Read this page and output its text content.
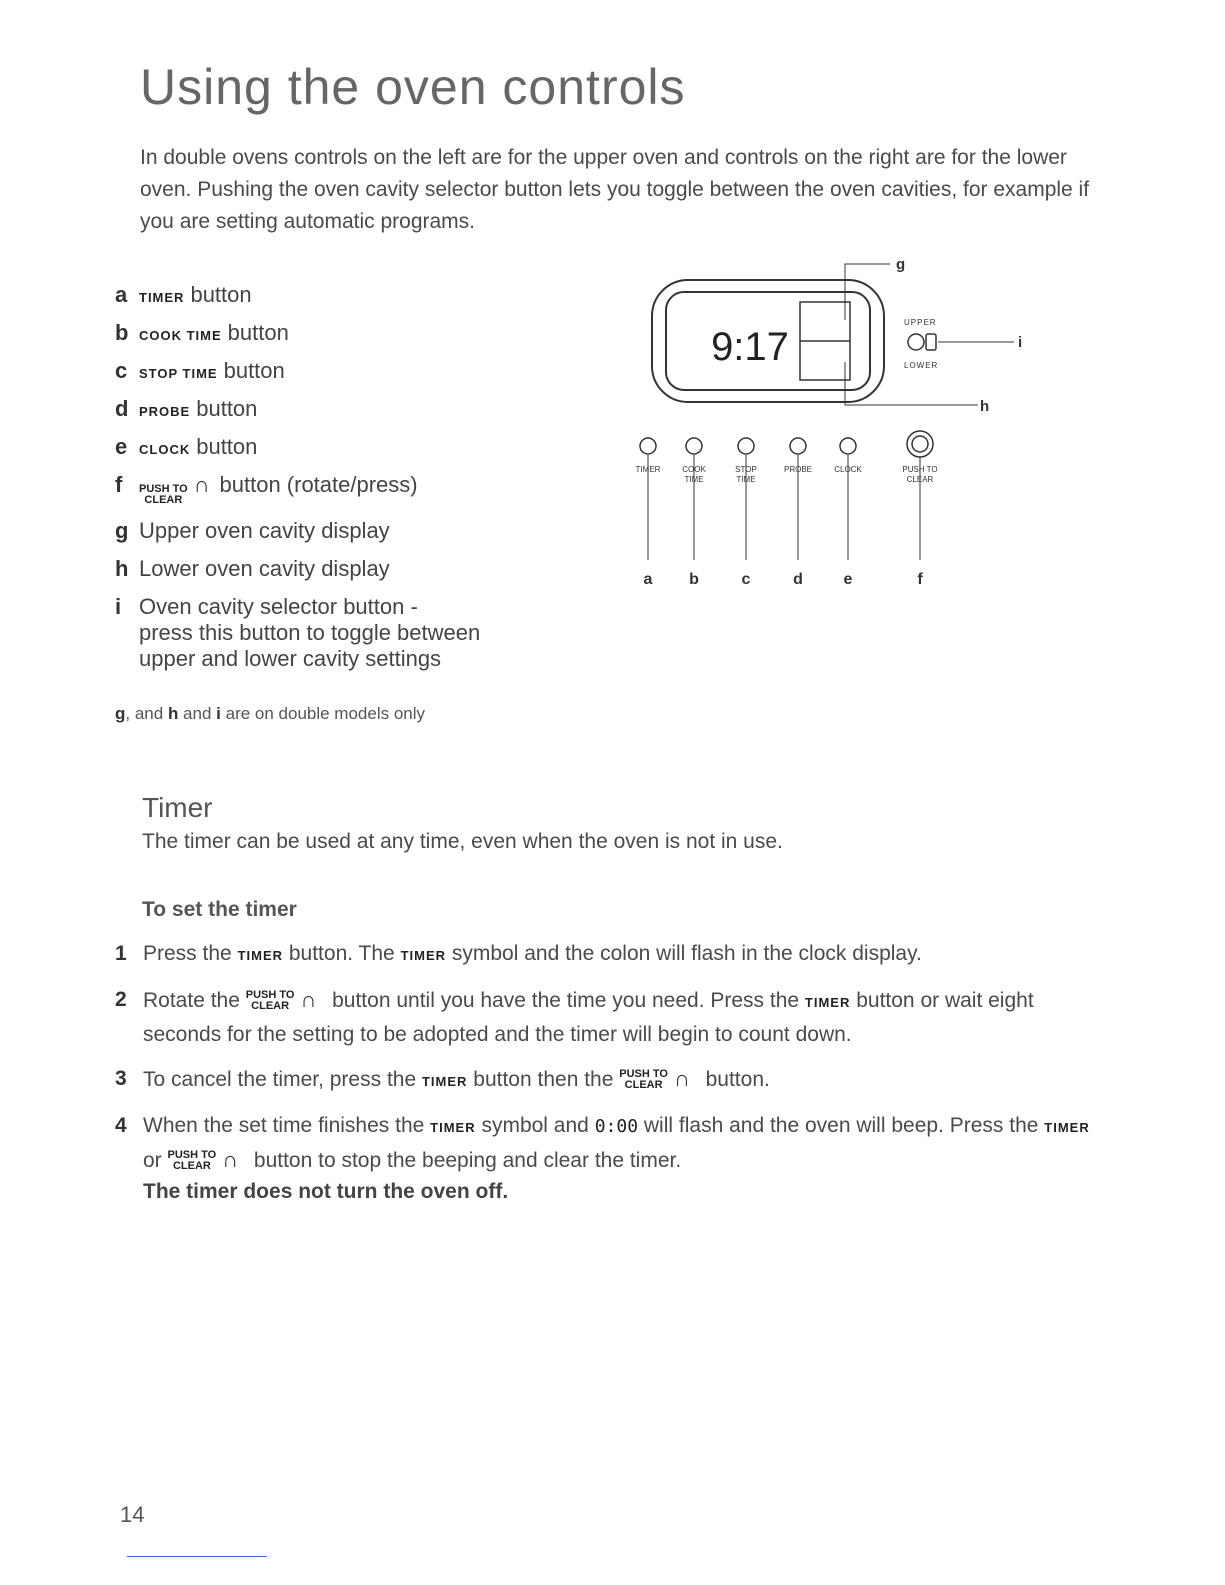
Using the oven controls
In double ovens controls on the left are for the upper oven and controls on the right are for the lower oven. Pushing the oven cavity selector button lets you toggle between the oven cavities, for example if you are setting automatic programs.
a TIMER button
b COOK TIME button
c STOP TIME button
d PROBE button
e CLOCK button
f	PUSH TO
CLEAR
∩ button (rotate/press)
g Upper oven cavity display
h Lower oven cavity display
i Oven cavity selector button -
press this button to toggle between
upper and lower cavity settings
g, and h and i are on double models only
9:17
g
h
UPPER
LOWER
i
TIMER
a
COOK
TIME
b
STOP
TIME
c
PROBE
d
CLOCK
e
PUSH TO
CLEAR
f
Timer
The timer can be used at any time, even when the oven is not in use.
To set the timer
1 Press the TIMER button. The TIMER symbol and the colon will flash in the clock display.
2 Rotate the PUSH TO
CLEAR ∩ button until you have the time you need. Press the TIMER button or wait eight seconds for the setting to be adopted and the timer will begin to count down.
3 To cancel the timer, press the TIMER button then the PUSH TO
CLEAR ∩ button.
4 When the set time finishes the TIMER symbol and 0:00 will flash and the oven will beep. Press the TIMER or PUSH TO
CLEAR ∩ button to stop the beeping and clear the timer.
The timer does not turn the oven off.
14
